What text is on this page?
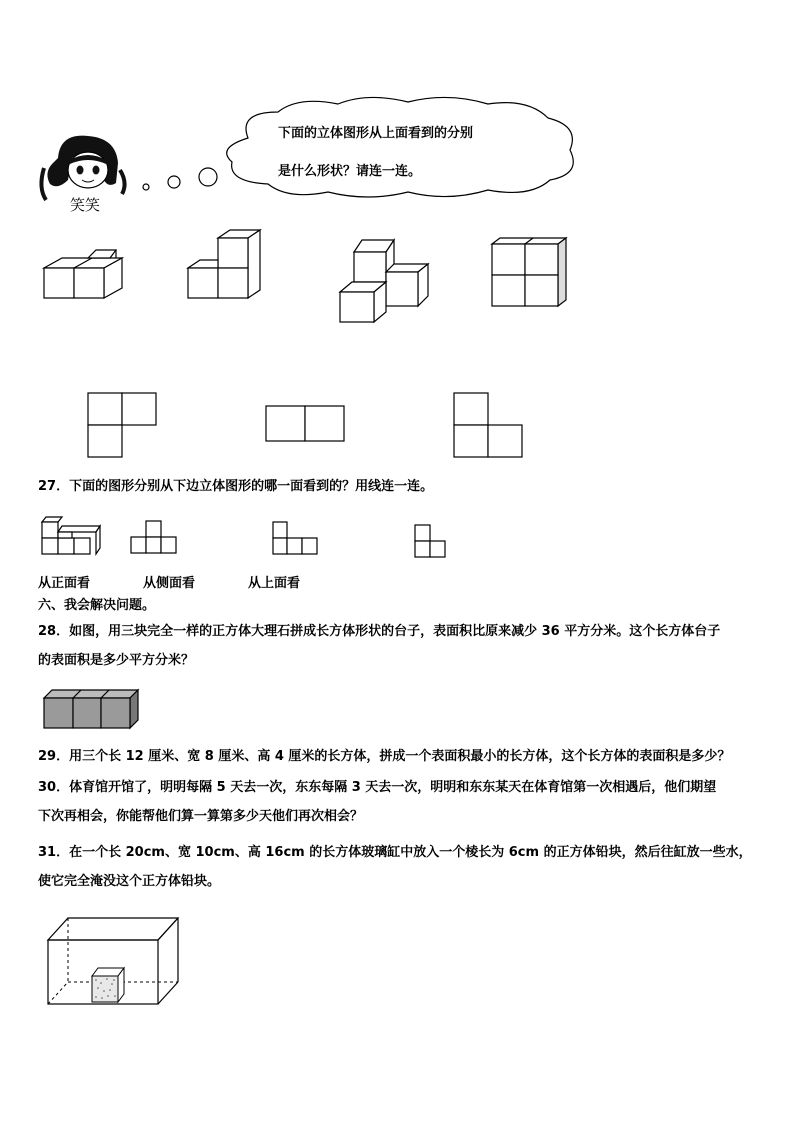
笑笑
下面的立体图形从上面看到的分别
是什么形状？请连一连。
27．下面的图形分别从下边立体图形的哪一面看到的？用线连一连。
从正面看	从侧面看	从上面看
六、我会解决问题。
28．如图，用三块完全一样的正方体大理石拼成长方体形状的台子，表面积比原来减少 36 平方分米。这个长方体台子
的表面积是多少平方分米？
29．用三个长 12 厘米、宽 8 厘米、高 4 厘米的长方体，拼成一个表面积最小的长方体，这个长方体的表面积是多少？
30．体育馆开馆了，明明每隔 5 天去一次，东东每隔 3 天去一次，明明和东东某天在体育馆第一次相遇后，他们期望
下次再相会，你能帮他们算一算第多少天他们再次相会？
31．在一个长 20cm、宽 10cm、高 16cm 的长方体玻璃缸中放入一个棱长为 6cm 的正方体铅块，然后往缸放一些水，
使它完全淹没这个正方体铅块。
